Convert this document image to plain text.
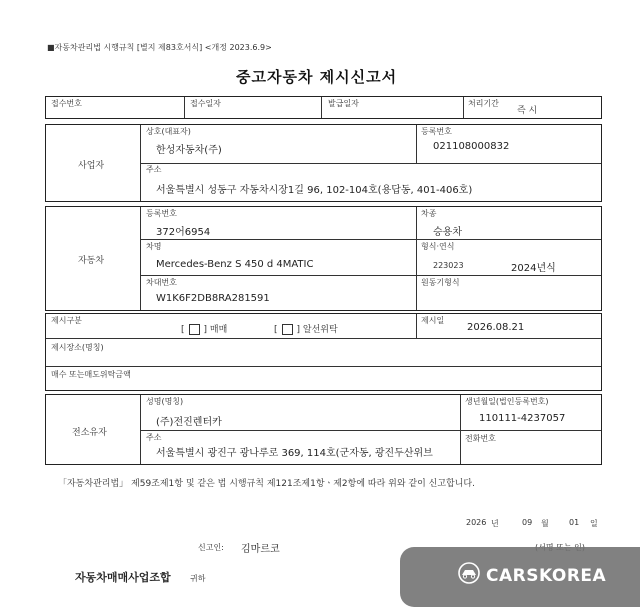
■자동차관리법 시행규칙 [별지 제83호서식] <개정 2023.6.9>
중고자동차 제시신고서
접수번호	접수일자	발급일자	처리기간
즉 시
사업자
상호(대표자)
한성자동차(주)
등록번호
021108000832
주소
서울특별시 성동구 자동차시장1길 96, 102-104호(용답동, 401-406호)
자동차
등록번호
372어6954
차종
승용차
차명
Mercedes-Benz S 450 d 4MATIC
형식·연식
223023	2024년식
차대번호
W1K6F2DB8RA281591
원동기형식
제시구분
[ ] 매매	[ ] 알선위탁
제시일
2026.08.21
제시장소(명칭)
매수 또는매도위탁금액
전소유자
성명(명칭)
(주)전진렌터카
생년월일(법인등록번호)
110111-4237057
주소
서울특별시 광진구 광나루로 369, 114호(군자동, 광진두산위브
전화번호
「자동차관리법」 제59조제1항 및 같은 법 시행규칙 제121조제1항ㆍ제2항에 따라 위와 같이 신고합니다.
2026 년	09 월	01 일
신고인: 김마르코
자동차매매사업조합 귀하	CARSKOREA
